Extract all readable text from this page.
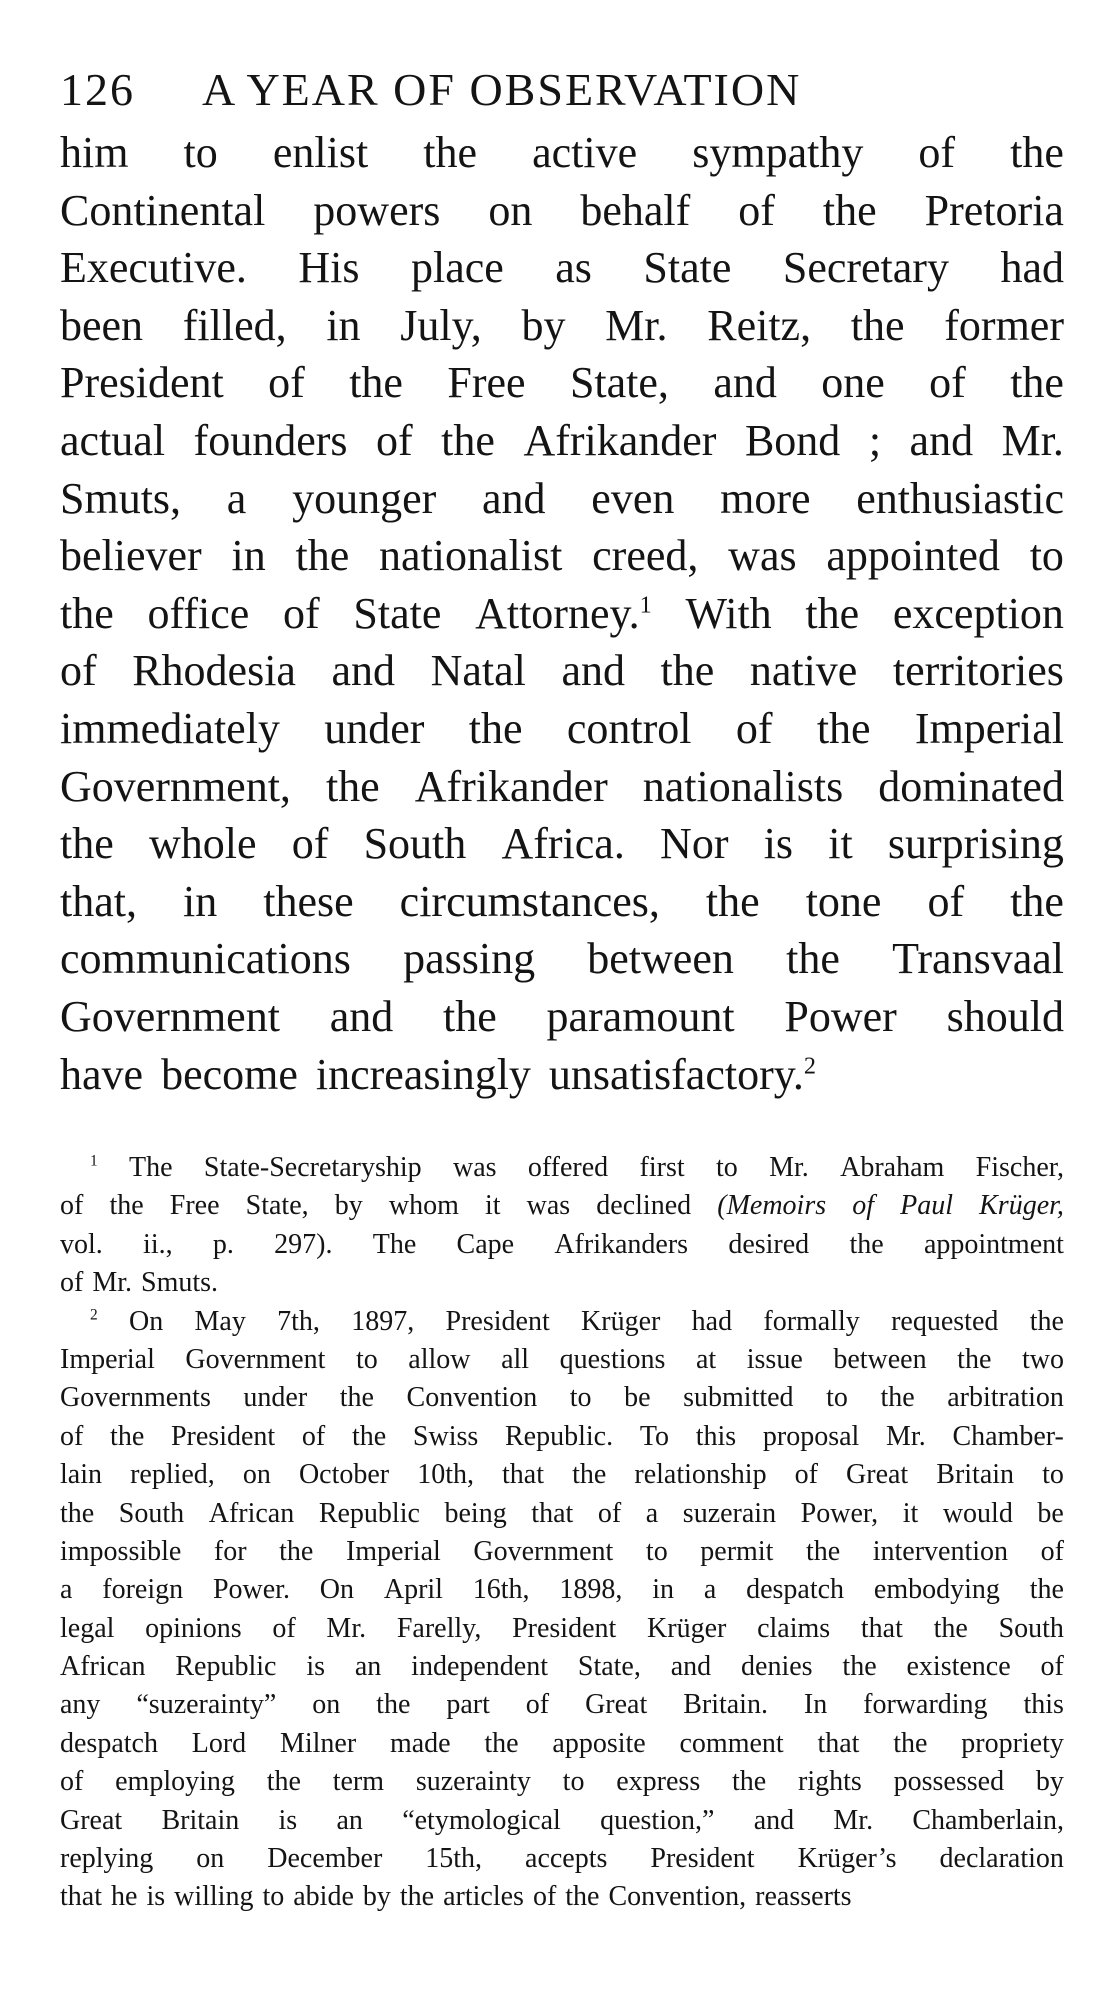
126 A YEAR OF OBSERVATION
him to enlist the active sympathy of the
Continental powers on behalf of the Pretoria
Executive. His place as State Secretary had
been filled, in July, by Mr. Reitz, the former
President of the Free State, and one of the
actual founders of the Afrikander Bond ; and Mr.
Smuts, a younger and even more enthusiastic
believer in the nationalist creed, was appointed to
the office of State Attorney.$^1$ With the exception
of Rhodesia and Natal and the native territories
immediately under the control of the Imperial
Government, the Afrikander nationalists dominated
the whole of South Africa. Nor is it surprising
that, in these circumstances, the tone of the
communications passing between the Transvaal
Government and the paramount Power should
have become increasingly unsatisfactory.$^2$
$^1$ The State-Secretaryship was offered first to Mr. Abraham Fischer,
of the Free State, by whom it was declined (Memoirs of Paul Krüger,
vol. ii., p. 297). The Cape Afrikanders desired the appointment
of Mr. Smuts.
$^2$ On May 7th, 1897, President Krüger had formally requested the
Imperial Government to allow all questions at issue between the two
Governments under the Convention to be submitted to the arbitration
of the President of the Swiss Republic. To this proposal Mr. Chamber-
lain replied, on October 10th, that the relationship of Great Britain to
the South African Republic being that of a suzerain Power, it would be
impossible for the Imperial Government to permit the intervention of
a foreign Power. On April 16th, 1898, in a despatch embodying the
legal opinions of Mr. Farelly, President Krüger claims that the South
African Republic is an independent State, and denies the existence of
any “suzerainty” on the part of Great Britain. In forwarding this
despatch Lord Milner made the apposite comment that the propriety
of employing the term suzerainty to express the rights possessed by
Great Britain is an “etymological question,” and Mr. Chamberlain,
replying on December 15th, accepts President Krüger’s declaration
that he is willing to abide by the articles of the Convention, reasserts
